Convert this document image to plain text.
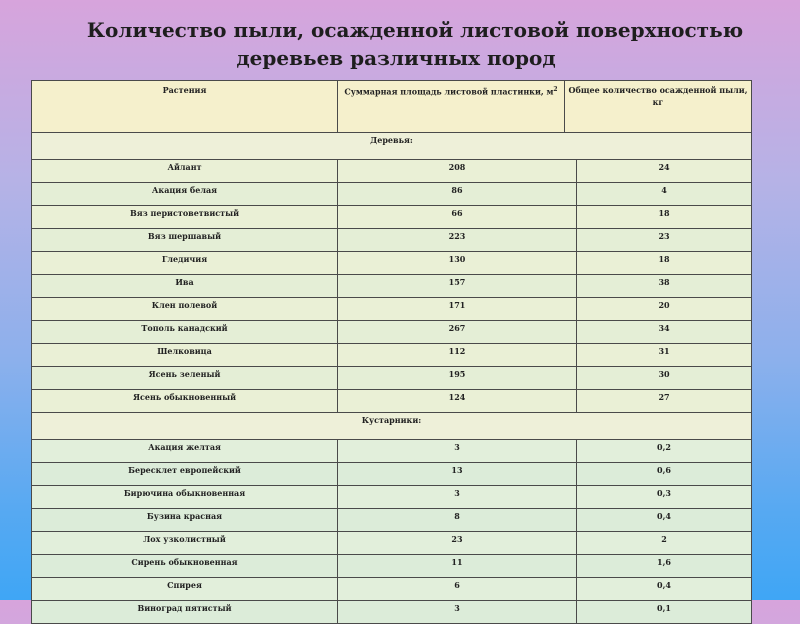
Количество пыли, осажденной листовой поверхностью
деревьев различных пород
Растения	Суммарная площадь листовой пластинки, $м^2$	Общее количество осажденной пыли, кг	
Деревья:			
Айлант	208		24
Акация белая	86		4
Вяз перистоветвистый	66		18
Вяз шершавый	223		23
Гледичия	130		18
Ива	157		38
Клен полевой	171		20
Тополь канадский	267		34
Шелковица	112		31
Ясень зеленый	195		30
Ясень обыкновенный	124		27
Кустарники:			
Акация желтая	3		0,2
Бересклет европейский	13		0,6
Бирючина обыкновенная	3		0,3
Бузина красная	8		0,4
Лох узколистный	23		2
Сирень обыкновенная	11		1,6
Спирея	6		0,4
Виноград пятистый	3		0,1
